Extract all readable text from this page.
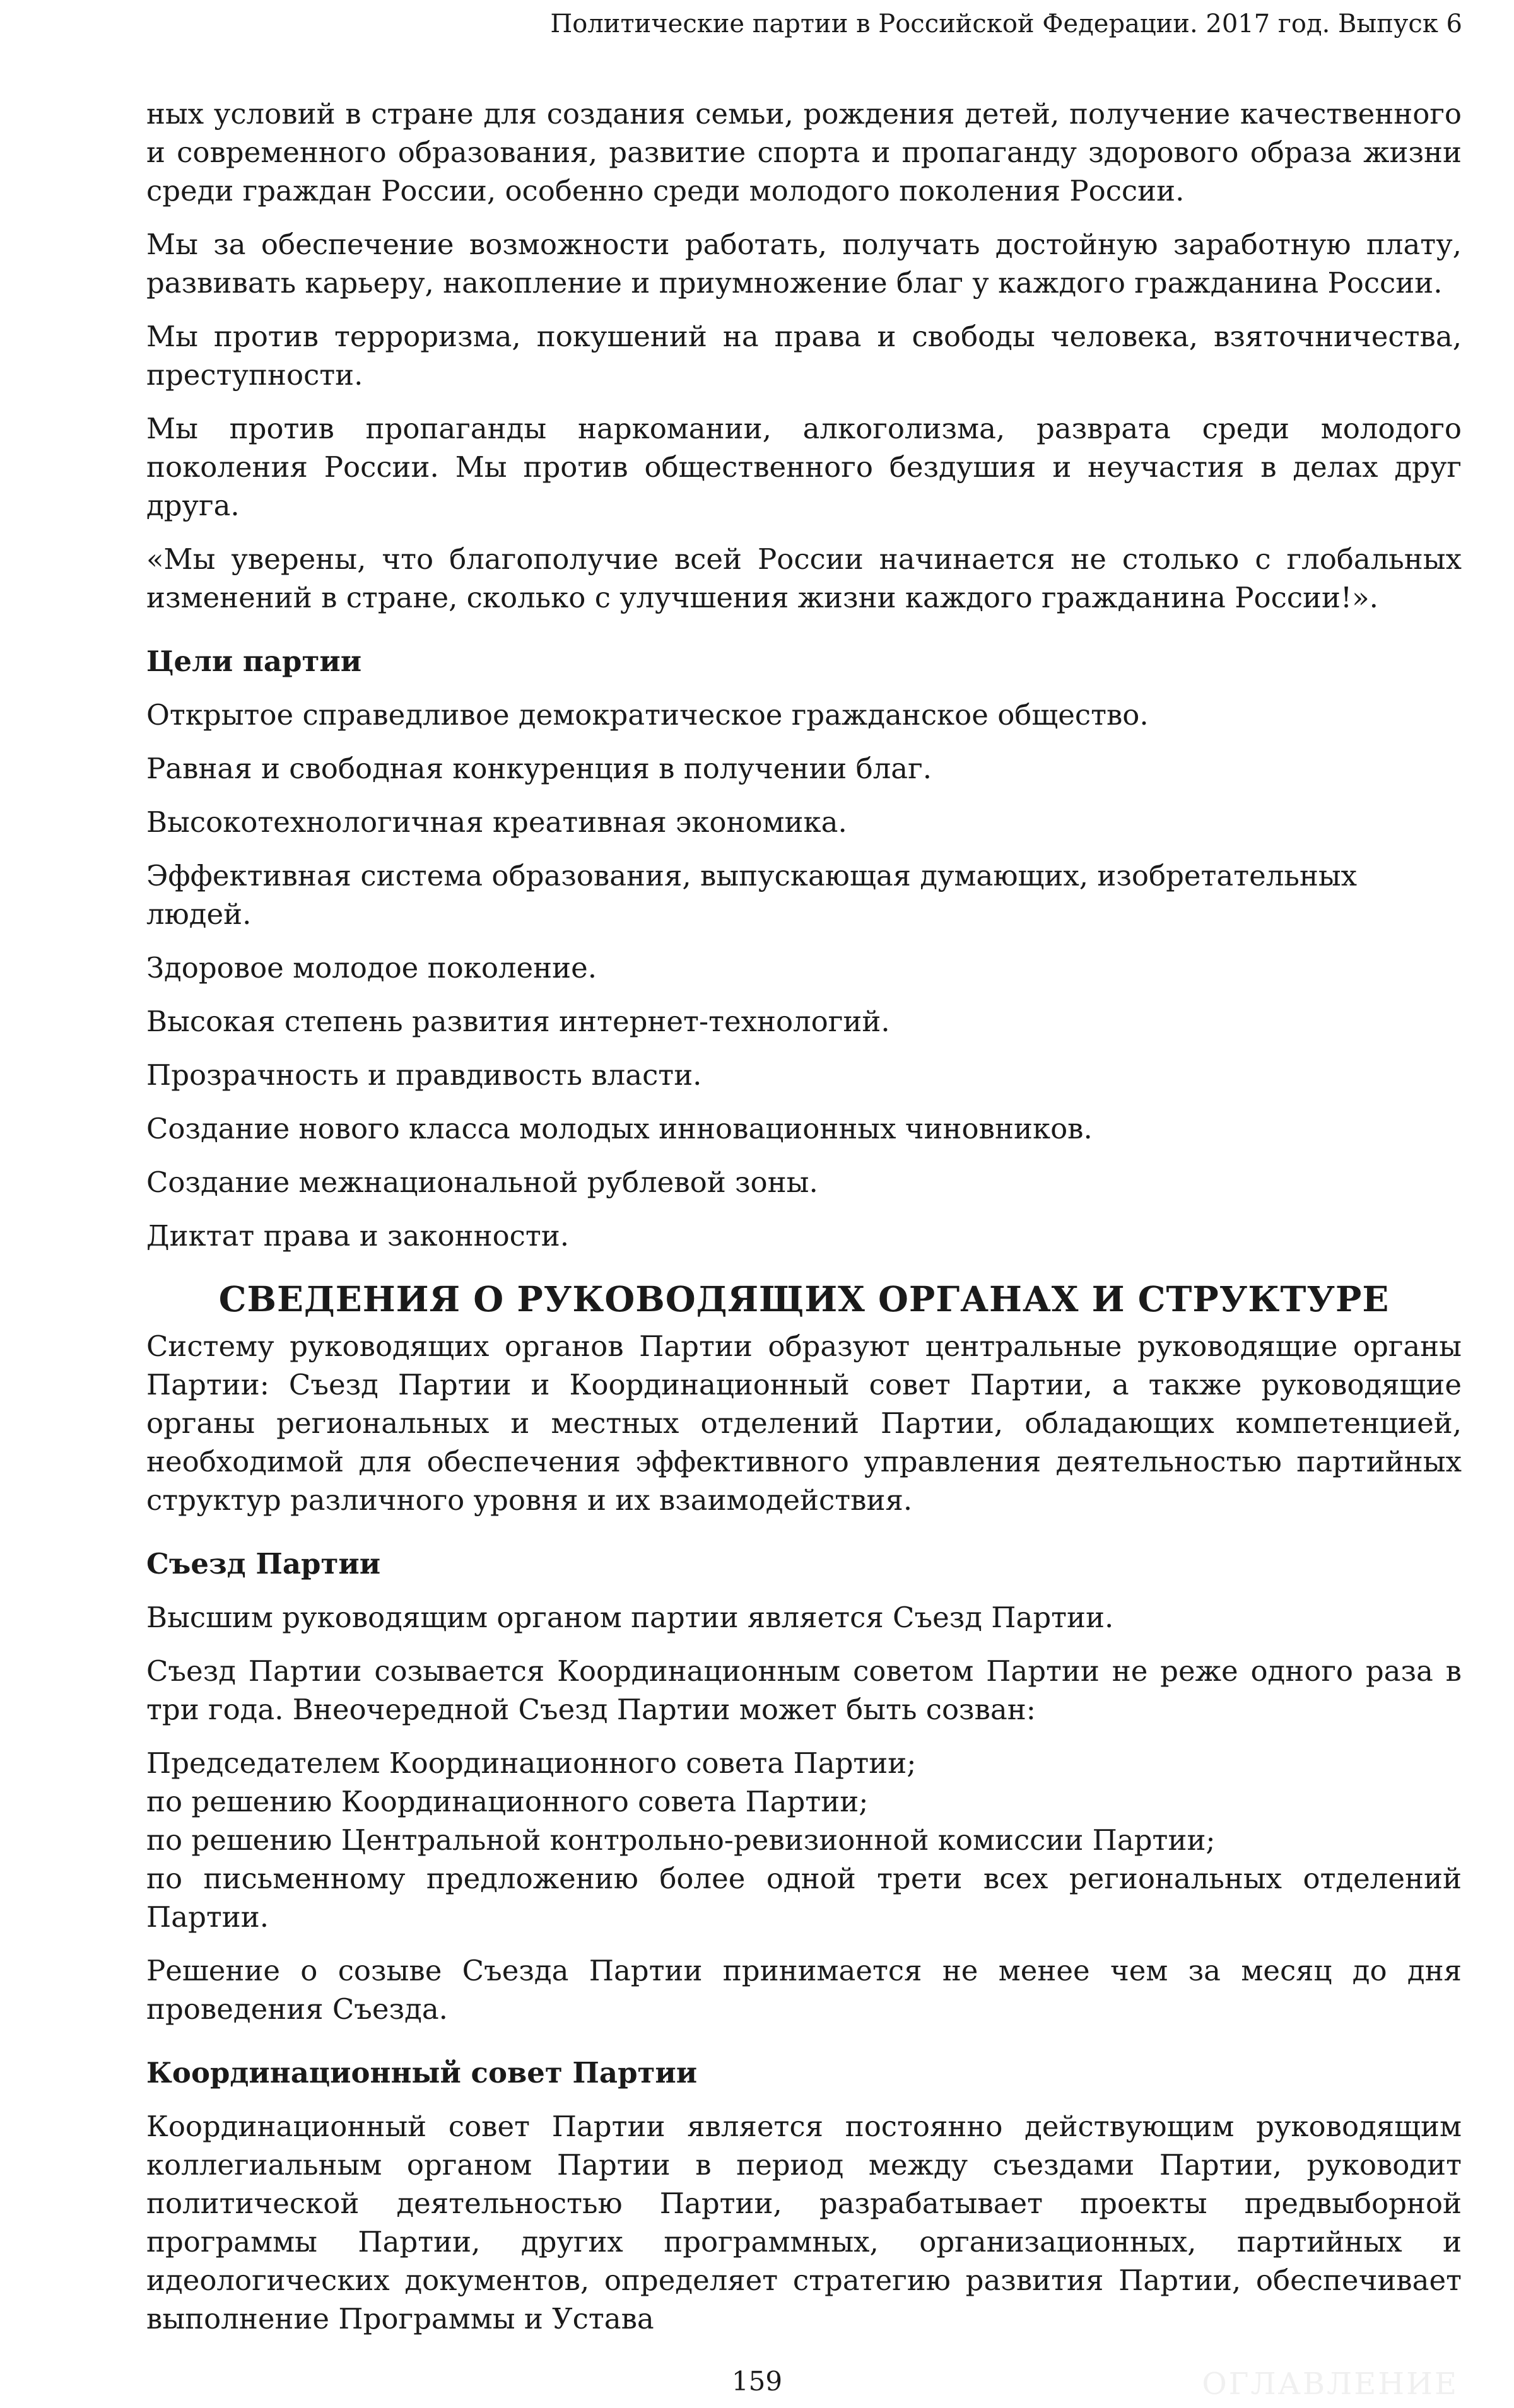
Политические партии в Российской Федерации. 2017 год. Выпуск 6

ных условий в стране для создания семьи, рождения детей, получение качественного и современного образования, развитие спорта и пропаганду здорового образа жизни среди граждан России, особенно среди молодого поколения России.

Мы за обеспечение возможности работать, получать достойную заработную плату, развивать карьеру, накопление и приумножение благ у каждого гражданина России.

Мы против терроризма, покушений на права и свободы человека, взяточничества, преступности.

Мы против пропаганды наркомании, алкоголизма, разврата среди молодого поколения России. Мы против общественного бездушия и неучастия в делах друг друга.

«Мы уверены, что благополучие всей России начинается не столько с глобальных изменений в стране, сколько с улучшения жизни каждого гражданина России!».

Цели партии
Открытое справедливое демократическое гражданское общество.
Равная и свободная конкуренция в получении благ.
Высокотехнологичная креативная экономика.
Эффективная система образования, выпускающая думающих, изобретательных людей.
Здоровое молодое поколение.
Высокая степень развития интернет-технологий.
Прозрачность и правдивость власти.
Создание нового класса молодых инновационных чиновников.
Создание межнациональной рублевой зоны.
Диктат права и законности.
СВЕДЕНИЯ О РУКОВОДЯЩИХ ОРГАНАХ И СТРУКТУРЕ

Систему руководящих органов Партии образуют центральные руководящие органы Партии: Съезд Партии и Координационный совет Партии, а также руководящие органы региональных и местных отделений Партии, обладающих компетенцией, необходимой для обеспечения эффективного управления деятельностью партийных структур различного уровня и их взаимодействия.

Съезд Партии

Высшим руководящим органом партии является Съезд Партии.

Съезд Партии созывается Координационным советом Партии не реже одного раза в три года. Внеочередной Съезд Партии может быть созван:

Председателем Координационного совета Партии;
по решению Координационного совета Партии;
по решению Центральной контрольно-ревизионной комиссии Партии;
по письменному предложению более одной трети всех региональных отделений Партии.

Решение о созыве Съезда Партии принимается не менее чем за месяц до дня проведения Съезда.

Координационный совет Партии

Координационный совет Партии является постоянно действующим руководящим коллегиальным органом Партии в период между съездами Партии, руководит политической деятельностью Партии, разрабатывает проекты предвыборной программы Партии, других программных, организационных, партийных и идеологических документов, определяет стратегию развития Партии, обеспечивает выполнение Программы и Устава

159	ОГЛАВЛЕНИЕ
